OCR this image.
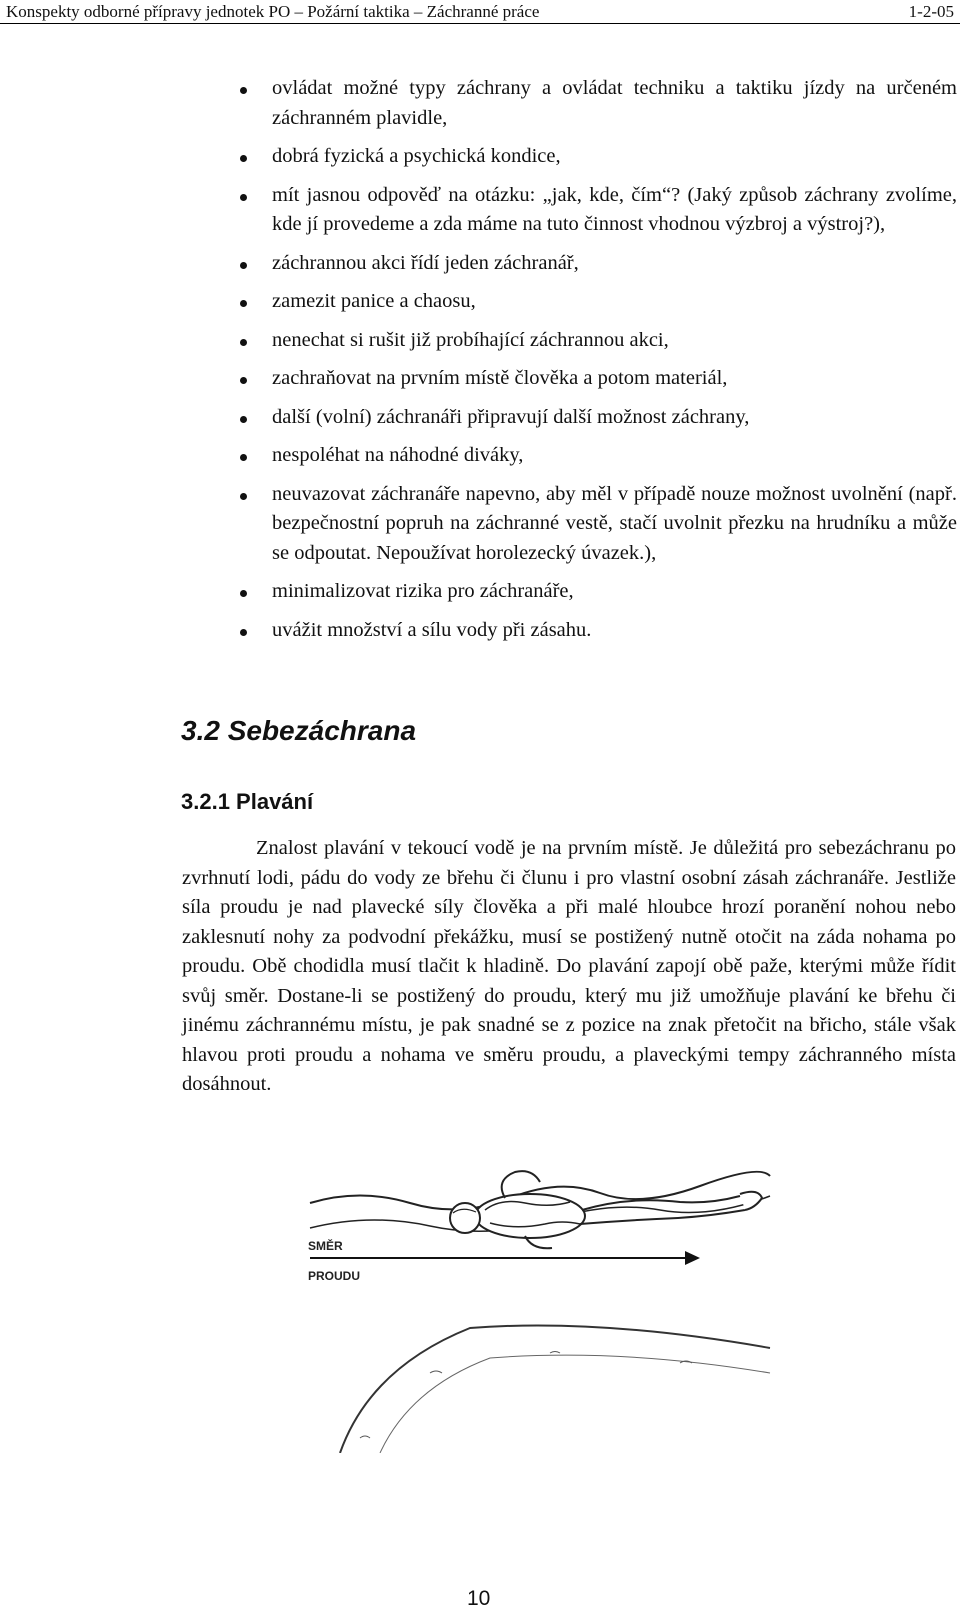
Konspekty odborné přípravy jednotek PO – Požární taktika – Záchranné práce	1-2-05
ovládat možné typy záchrany a ovládat techniku a taktiku jízdy na určeném záchranném plavidle,
dobrá fyzická a psychická kondice,
mít jasnou odpověď na otázku: „jak, kde, čím“? (Jaký způsob záchrany zvolíme, kde jí provedeme a zda máme na tuto činnost vhodnou výzbroj a výstroj?),
záchrannou akci řídí jeden záchranář,
zamezit panice a chaosu,
nenechat si rušit již probíhající záchrannou akci,
zachraňovat na prvním místě člověka a potom materiál,
další (volní) záchranáři připravují další možnost záchrany,
nespoléhat na náhodné diváky,
neuvazovat záchranáře napevno, aby měl v případě nouze možnost uvolnění (např. bezpečnostní popruh na záchranné vestě, stačí uvolnit přezku na hrudníku a může se odpoutat. Nepoužívat horolezecký úvazek.),
minimalizovat rizika pro záchranáře,
uvážit množství a sílu vody při zásahu.
3.2 Sebezáchrana
3.2.1 Plavání

Znalost plavání v tekoucí vodě je na prvním místě. Je důležitá pro sebezáchranu po zvrhnutí lodi, pádu do vody ze břehu či člunu i pro vlastní osobní zásah záchranáře. Jestliže síla proudu je nad plavecké síly člověka a při malé hloubce hrozí poranění nohou nebo zaklesnutí nohy za podvodní překážku, musí se postižený nutně otočit na záda nohama po proudu. Obě chodidla musí tlačit k hladině. Do plavání zapojí obě paže, kterými může řídit svůj směr. Dostane-li se postižený do proudu, který mu již umožňuje plavání ke břehu či jinému záchrannému místu, je pak snadné se z pozice na znak přetočit na břicho, stále však hlavou proti proudu a nohama ve směru proudu, a plaveckými tempy záchranného místa dosáhnout.

SMĚR
PROUDU
10
